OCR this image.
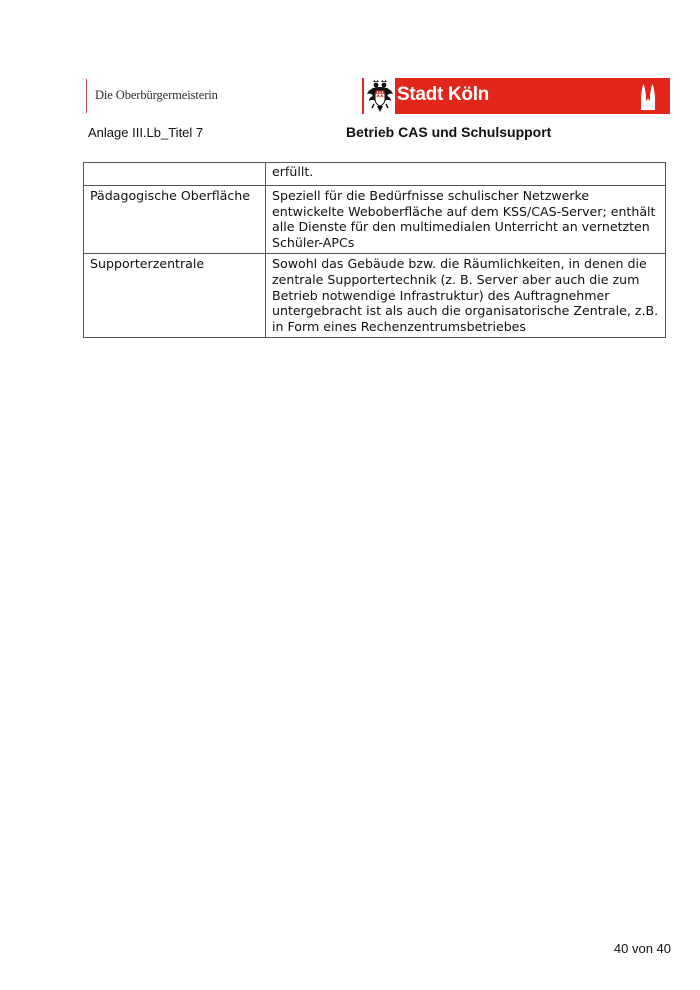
Die Oberbürgermeisterin	Stadt Köln
Anlage III.Lb_Titel 7	Betrieb CAS und Schulsupport
	erfüllt.
Pädagogische Oberfläche	Speziell für die Bedürfnisse schulischer Netzwerke entwickelte Weboberfläche auf dem KSS/CAS-Server; enthält alle Dienste für den multimedialen Unterricht an vernetzten Schüler-APCs
Supporterzentrale	Sowohl das Gebäude bzw. die Räumlichkeiten, in denen die zentrale Supportertechnik (z. B. Server aber auch die zum Betrieb notwendige Infrastruktur) des Auftragnehmer untergebracht ist als auch die organisatorische Zentrale, z.B. in Form eines Rechenzentrumsbetriebes
40 von 40
